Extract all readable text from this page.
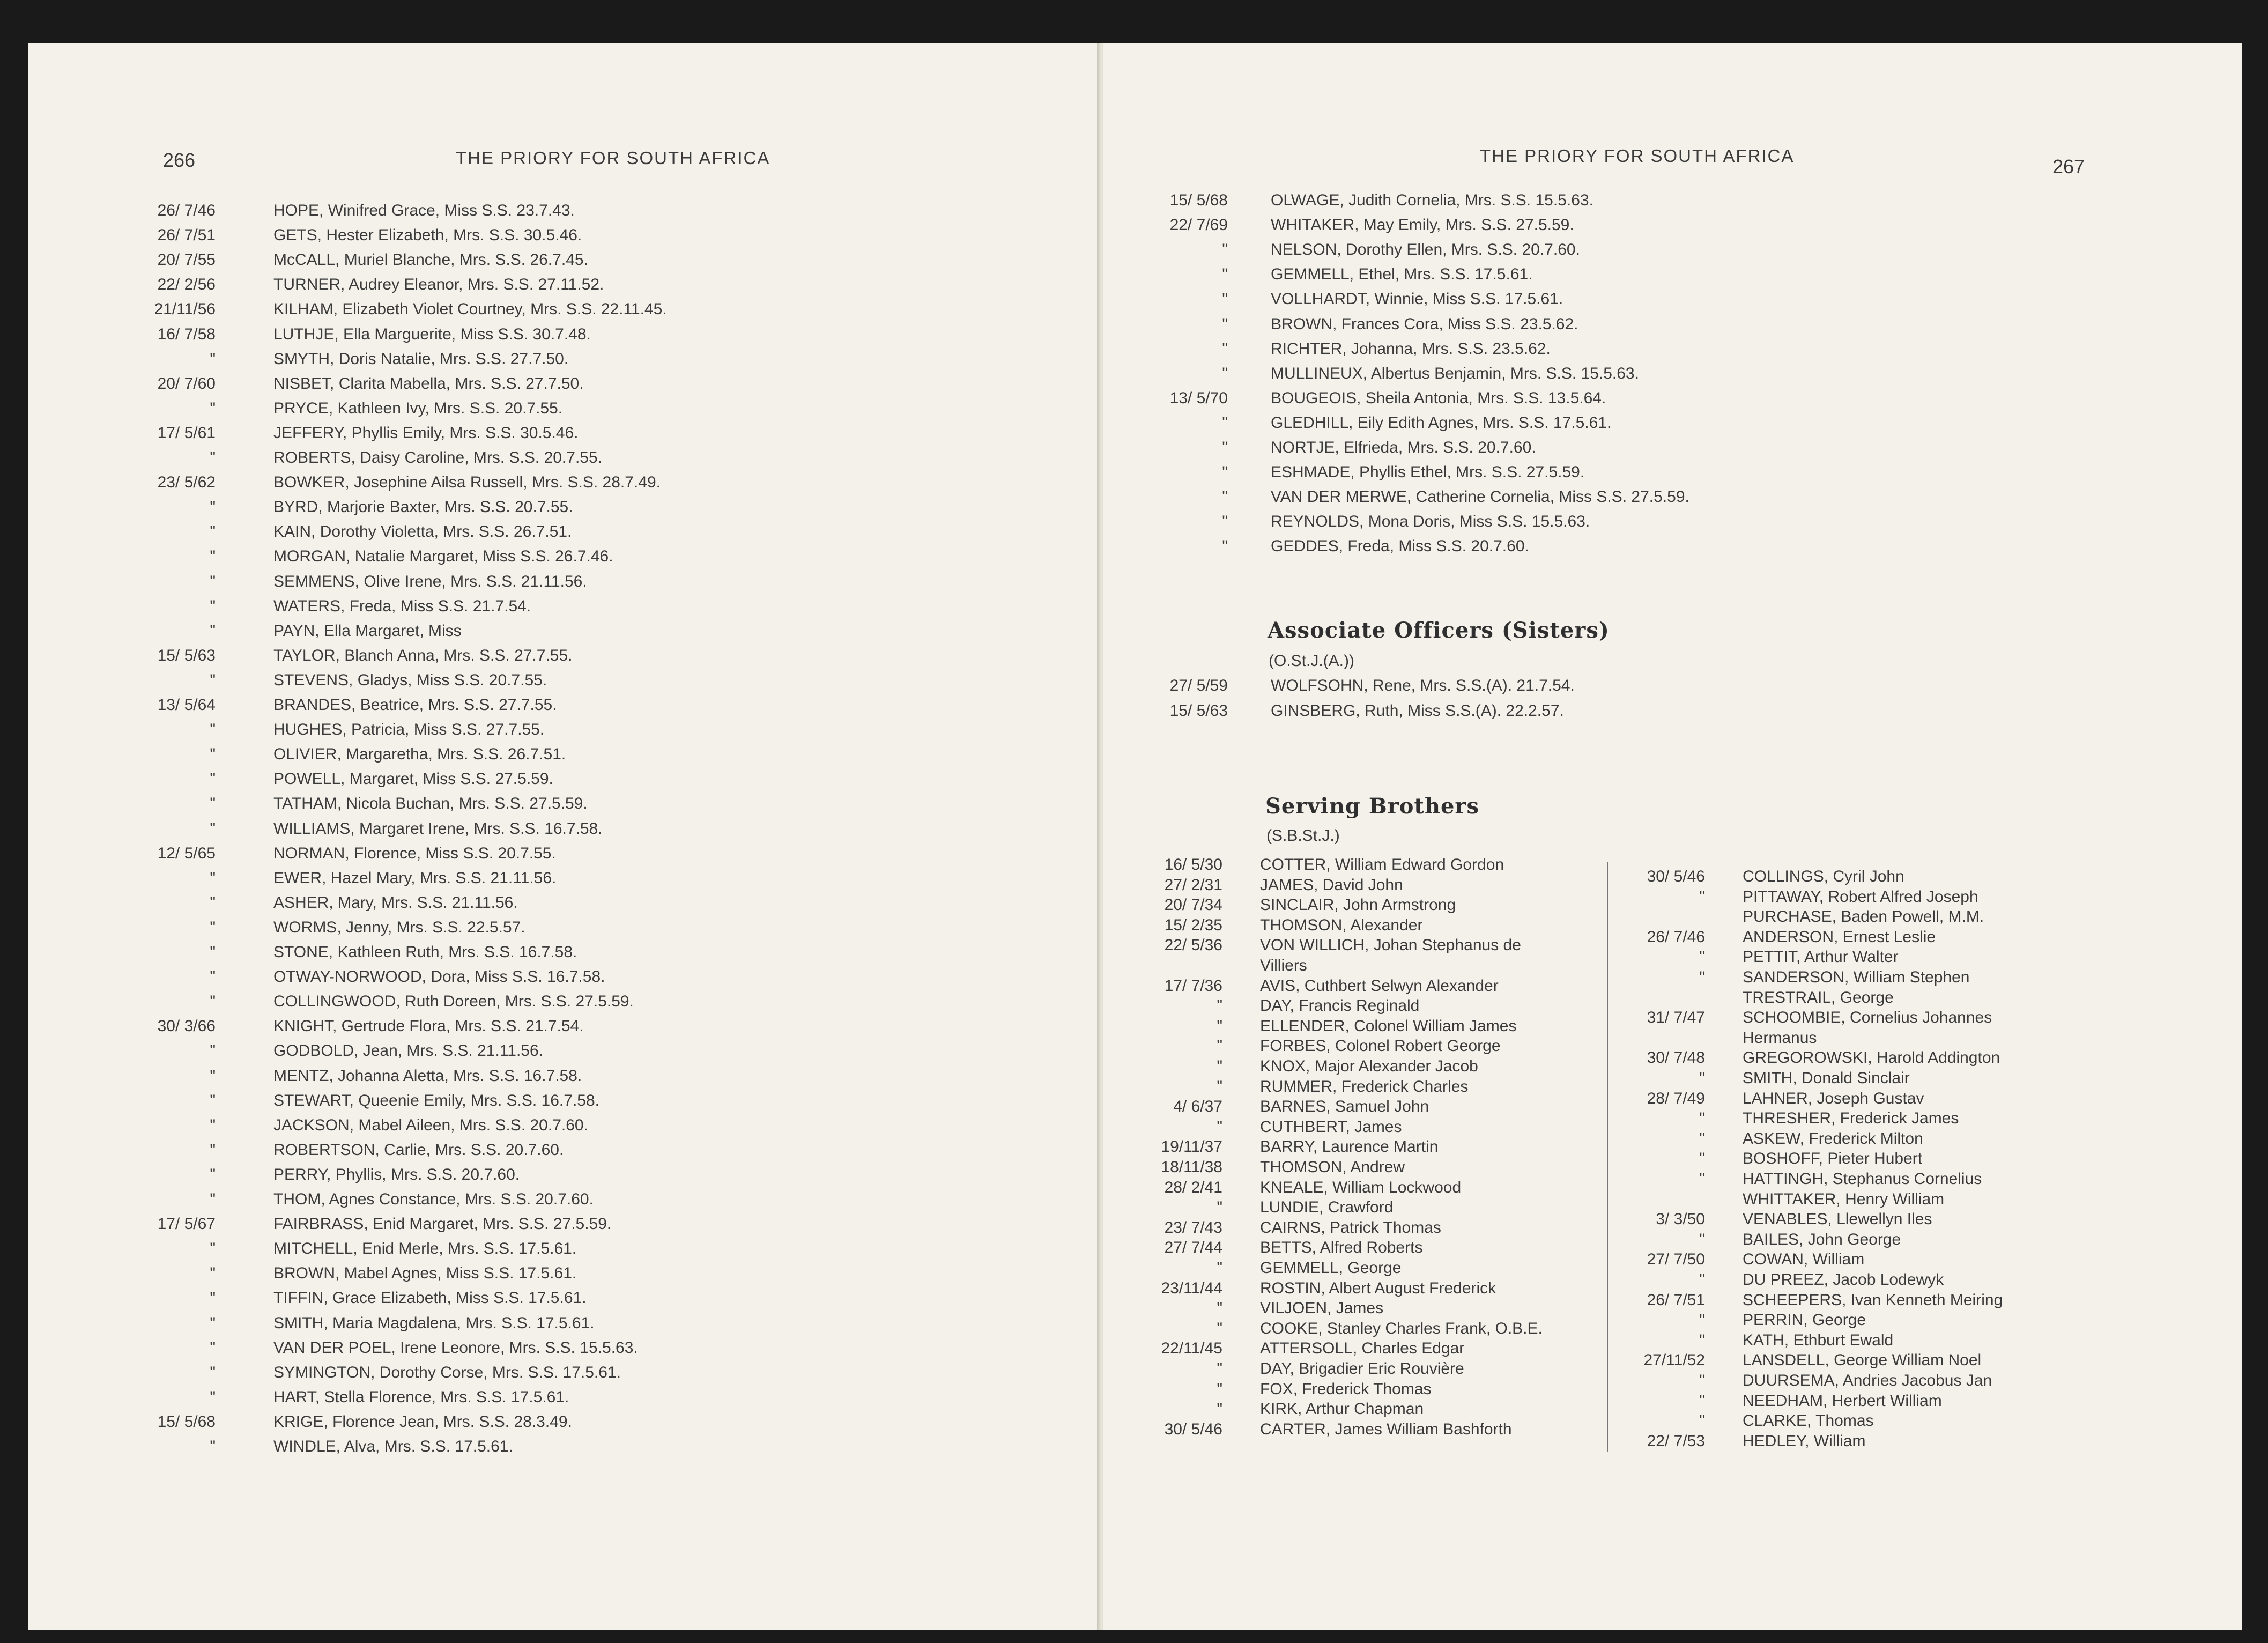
266	THE PRIORY FOR SOUTH AFRICA	THE PRIORY FOR SOUTH AFRICA	267
26/ 7/46	HOPE, Winifred Grace, Miss S.S. 23.7.43.
26/ 7/51	GETS, Hester Elizabeth, Mrs. S.S. 30.5.46.
20/ 7/55	McCALL, Muriel Blanche, Mrs. S.S. 26.7.45.
22/ 2/56	TURNER, Audrey Eleanor, Mrs. S.S. 27.11.52.
21/11/56	KILHAM, Elizabeth Violet Courtney, Mrs. S.S. 22.11.45.
16/ 7/58	LUTHJE, Ella Marguerite, Miss S.S. 30.7.48.
"	SMYTH, Doris Natalie, Mrs. S.S. 27.7.50.
20/ 7/60	NISBET, Clarita Mabella, Mrs. S.S. 27.7.50.
"	PRYCE, Kathleen Ivy, Mrs. S.S. 20.7.55.
17/ 5/61	JEFFERY, Phyllis Emily, Mrs. S.S. 30.5.46.
"	ROBERTS, Daisy Caroline, Mrs. S.S. 20.7.55.
23/ 5/62	BOWKER, Josephine Ailsa Russell, Mrs. S.S. 28.7.49.
"	BYRD, Marjorie Baxter, Mrs. S.S. 20.7.55.
"	KAIN, Dorothy Violetta, Mrs. S.S. 26.7.51.
"	MORGAN, Natalie Margaret, Miss S.S. 26.7.46.
"	SEMMENS, Olive Irene, Mrs. S.S. 21.11.56.
"	WATERS, Freda, Miss S.S. 21.7.54.
"	PAYN, Ella Margaret, Miss
15/ 5/63	TAYLOR, Blanch Anna, Mrs. S.S. 27.7.55.
"	STEVENS, Gladys, Miss S.S. 20.7.55.
13/ 5/64	BRANDES, Beatrice, Mrs. S.S. 27.7.55.
"	HUGHES, Patricia, Miss S.S. 27.7.55.
"	OLIVIER, Margaretha, Mrs. S.S. 26.7.51.
"	POWELL, Margaret, Miss S.S. 27.5.59.
"	TATHAM, Nicola Buchan, Mrs. S.S. 27.5.59.
"	WILLIAMS, Margaret Irene, Mrs. S.S. 16.7.58.
12/ 5/65	NORMAN, Florence, Miss S.S. 20.7.55.
"	EWER, Hazel Mary, Mrs. S.S. 21.11.56.
"	ASHER, Mary, Mrs. S.S. 21.11.56.
"	WORMS, Jenny, Mrs. S.S. 22.5.57.
"	STONE, Kathleen Ruth, Mrs. S.S. 16.7.58.
"	OTWAY-NORWOOD, Dora, Miss S.S. 16.7.58.
"	COLLINGWOOD, Ruth Doreen, Mrs. S.S. 27.5.59.
30/ 3/66	KNIGHT, Gertrude Flora, Mrs. S.S. 21.7.54.
"	GODBOLD, Jean, Mrs. S.S. 21.11.56.
"	MENTZ, Johanna Aletta, Mrs. S.S. 16.7.58.
"	STEWART, Queenie Emily, Mrs. S.S. 16.7.58.
"	JACKSON, Mabel Aileen, Mrs. S.S. 20.7.60.
"	ROBERTSON, Carlie, Mrs. S.S. 20.7.60.
"	PERRY, Phyllis, Mrs. S.S. 20.7.60.
"	THOM, Agnes Constance, Mrs. S.S. 20.7.60.
17/ 5/67	FAIRBRASS, Enid Margaret, Mrs. S.S. 27.5.59.
"	MITCHELL, Enid Merle, Mrs. S.S. 17.5.61.
"	BROWN, Mabel Agnes, Miss S.S. 17.5.61.
"	TIFFIN, Grace Elizabeth, Miss S.S. 17.5.61.
"	SMITH, Maria Magdalena, Mrs. S.S. 17.5.61.
"	VAN DER POEL, Irene Leonore, Mrs. S.S. 15.5.63.
"	SYMINGTON, Dorothy Corse, Mrs. S.S. 17.5.61.
"	HART, Stella Florence, Mrs. S.S. 17.5.61.
15/ 5/68	KRIGE, Florence Jean, Mrs. S.S. 28.3.49.
"	WINDLE, Alva, Mrs. S.S. 17.5.61.
15/ 5/68	OLWAGE, Judith Cornelia, Mrs. S.S. 15.5.63.
22/ 7/69	WHITAKER, May Emily, Mrs. S.S. 27.5.59.
"	NELSON, Dorothy Ellen, Mrs. S.S. 20.7.60.
"	GEMMELL, Ethel, Mrs. S.S. 17.5.61.
"	VOLLHARDT, Winnie, Miss S.S. 17.5.61.
"	BROWN, Frances Cora, Miss S.S. 23.5.62.
"	RICHTER, Johanna, Mrs. S.S. 23.5.62.
"	MULLINEUX, Albertus Benjamin, Mrs. S.S. 15.5.63.
13/ 5/70	BOUGEOIS, Sheila Antonia, Mrs. S.S. 13.5.64.
"	GLEDHILL, Eily Edith Agnes, Mrs. S.S. 17.5.61.
"	NORTJE, Elfrieda, Mrs. S.S. 20.7.60.
"	ESHMADE, Phyllis Ethel, Mrs. S.S. 27.5.59.
"	VAN DER MERWE, Catherine Cornelia, Miss S.S. 27.5.59.
"	REYNOLDS, Mona Doris, Miss S.S. 15.5.63.
"	GEDDES, Freda, Miss S.S. 20.7.60.
Associate Officers (Sisters)
(O.St.J.(A.))
27/ 5/59	WOLFSOHN, Rene, Mrs. S.S.(A). 21.7.54.
15/ 5/63	GINSBERG, Ruth, Miss S.S.(A). 22.2.57.
Serving Brothers
(S.B.St.J.)
16/ 5/30 COTTER, William Edward Gordon
27/ 2/31 JAMES, David John
20/ 7/34 SINCLAIR, John Armstrong
15/ 2/35 THOMSON, Alexander
22/ 5/36 VON WILLICH, Johan Stephanus de
Villiers
17/ 7/36 AVIS, Cuthbert Selwyn Alexander
" DAY, Francis Reginald
" ELLENDER, Colonel William James
" FORBES, Colonel Robert George
" KNOX, Major Alexander Jacob
" RUMMER, Frederick Charles
4/ 6/37 BARNES, Samuel John
" CUTHBERT, James
19/11/37 BARRY, Laurence Martin
18/11/38 THOMSON, Andrew
28/ 2/41 KNEALE, William Lockwood
" LUNDIE, Crawford
23/ 7/43 CAIRNS, Patrick Thomas
27/ 7/44 BETTS, Alfred Roberts
" GEMMELL, George
23/11/44 ROSTIN, Albert August Frederick
" VILJOEN, James
" COOKE, Stanley Charles Frank, O.B.E.
22/11/45 ATTERSOLL, Charles Edgar
" DAY, Brigadier Eric Rouvière
" FOX, Frederick Thomas
" KIRK, Arthur Chapman
30/ 5/46 CARTER, James William Bashforth
30/ 5/46 COLLINGS, Cyril John
" PITTAWAY, Robert Alfred Joseph
PURCHASE, Baden Powell, M.M.
26/ 7/46 ANDERSON, Ernest Leslie
" PETTIT, Arthur Walter
" SANDERSON, William Stephen
TRESTRAIL, George
31/ 7/47 SCHOOMBIE, Cornelius Johannes
Hermanus
30/ 7/48 GREGOROWSKI, Harold Addington
" SMITH, Donald Sinclair
28/ 7/49 LAHNER, Joseph Gustav
" THRESHER, Frederick James
" ASKEW, Frederick Milton
" BOSHOFF, Pieter Hubert
" HATTINGH, Stephanus Cornelius
WHITTAKER, Henry William
3/ 3/50 VENABLES, Llewellyn Iles
" BAILES, John George
27/ 7/50 COWAN, William
" DU PREEZ, Jacob Lodewyk
26/ 7/51 SCHEEPERS, Ivan Kenneth Meiring
" PERRIN, George
" KATH, Ethburt Ewald
27/11/52 LANSDELL, George William Noel
" DUURSEMA, Andries Jacobus Jan
" NEEDHAM, Herbert William
" CLARKE, Thomas
22/ 7/53 HEDLEY, William
